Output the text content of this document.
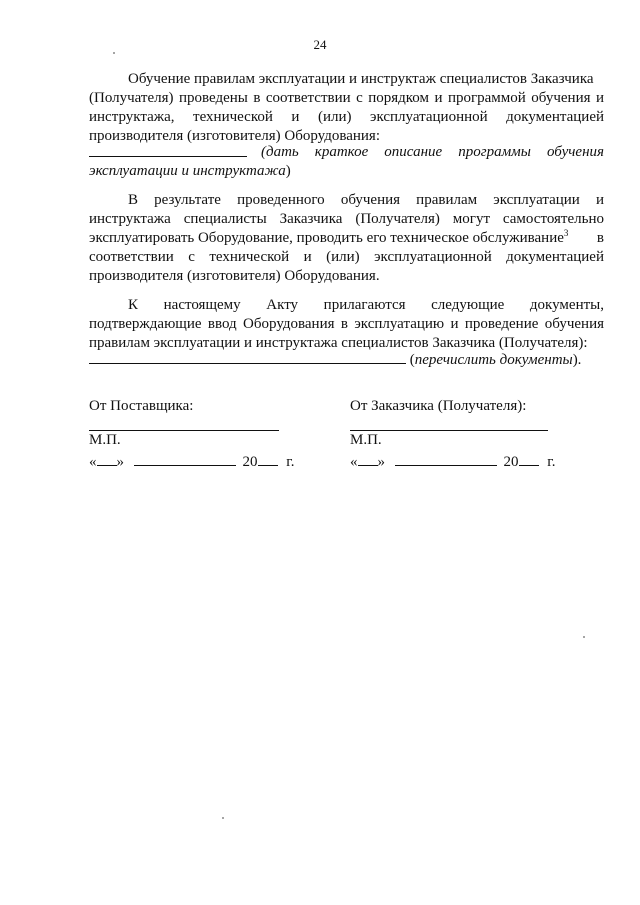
24
Обучение правилам эксплуатации и инструктаж специалистов Заказчика
(Получателя) проведены в соответствии с порядком и программой обучения и
инструктажа, технической и (или) эксплуатационной документацией
производителя (изготовителя) Оборудования:
(дать краткое описание программы обучения
эксплуатации и инструктажа)
В результате проведенного обучения правилам эксплуатации и
инструктажа специалисты Заказчика (Получателя) могут самостоятельно
эксплуатировать Оборудование, проводить его техническое обслуживание$^3$ в
соответствии с технической и (или) эксплуатационной документацией
производителя (изготовителя) Оборудования.
К настоящему Акту прилагаются следующие документы,
подтверждающие ввод Оборудования в эксплуатацию и проведение обучения
правилам эксплуатации и инструктажа специалистов Заказчика (Получателя):
(перечислить документы).
От Поставщика:
М.П.
« »	20 г.
От Заказчика (Получателя):
М.П.
« »	20 г.
